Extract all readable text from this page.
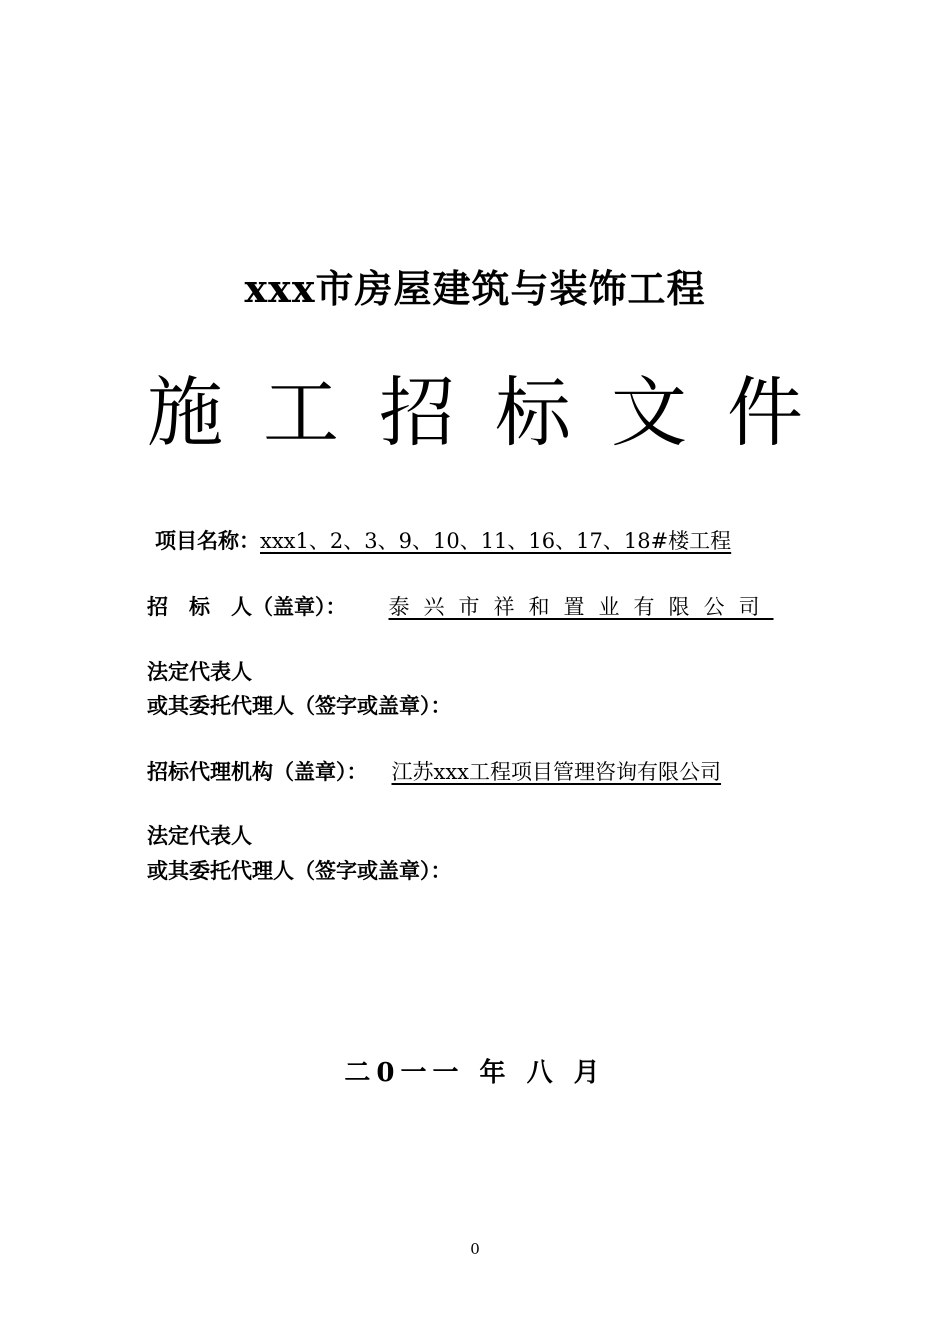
xxx市房屋建筑与装饰工程
施工招标文件
项目名称：xxx1、2、3、9、10、11、16、17、18#楼工程
招　标　人（盖章）： 泰兴市祥和置业有限公司
法定代表人
或其委托代理人（签字或盖章）：
招标代理机构（盖章）： 江苏xxx工程项目管理咨询有限公司
法定代表人
或其委托代理人（签字或盖章）：
二0一一 年 八 月
0
